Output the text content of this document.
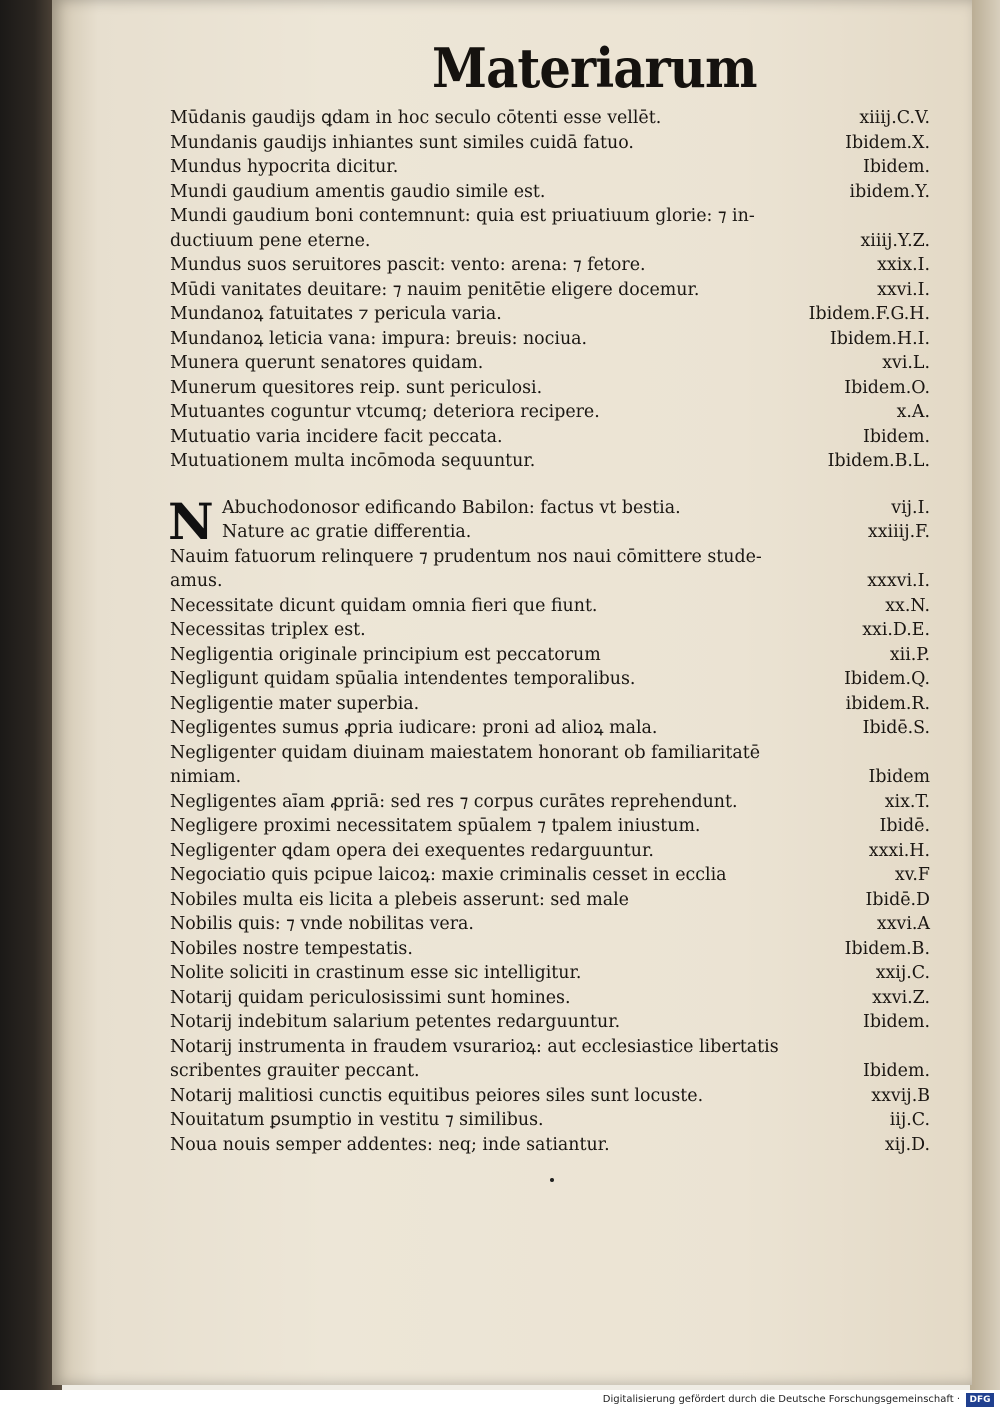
Materiarum
Mūdanis gaudijs ꝗdam in hoc seculo cōtenti esse vellēt.	xiiij.C.V.
Mundanis gaudijs inhiantes sunt similes cuidā fatuo.	Ibidem.X.
Mundus hypocrita dicitur.	Ibidem.
Mundi gaudium amentis gaudio simile est.	ibidem.Y.
Mundi gaudium boni contemnunt: quia est priuatiuum glorie: ⁊ in-
ductiuum pene eterne.	xiiij.Y.Z.
Mundus suos seruitores pascit: vento: arena: ⁊ fetore.	xxix.I.
Mūdi vanitates deuitare: ⁊ nauim penitētie eligere docemur.	xxvi.I.
Mundanoꝝ fatuitates ⁊ pericula varia.	Ibidem.F.G.H.
Mundanoꝝ leticia vana: impura: breuis: nociua.	Ibidem.H.I.
Munera querunt senatores quidam.	xvi.L.
Munerum quesitores reip. sunt periculosi.	Ibidem.O.
Mutuantes coguntur vtcumq; deteriora recipere.	x.A.
Mutuatio varia incidere facit peccata.	Ibidem.
Mutuationem multa incōmoda sequuntur.	Ibidem.B.L.
N Abuchodonosor edificando Babilon: factus vt bestia.	vij.I.
Nature ac gratie differentia.	xxiiij.F.
Nauim fatuorum relinquere ⁊ prudentum nos naui cōmittere stude-
amus.	xxxvi.I.
Necessitate dicunt quidam omnia fieri que fiunt.	xx.N.
Necessitas triplex est.	xxi.D.E.
Negligentia originale principium est peccatorum	xii.P.
Negligunt quidam spūalia intendentes temporalibus.	Ibidem.Q.
Negligentie mater superbia.	ibidem.R.
Negligentes sumus ꝓpria iudicare: proni ad alioꝝ mala.	Ibidē.S.
Negligenter quidam diuinam maiestatem honorant ob familiaritatē
nimiam.	Ibidem
Negligentes aīam ꝓpriā: sed res ⁊ corpus curātes reprehendunt.	xix.T.
Negligere proximi necessitatem spūalem ⁊ tpalem iniustum.	Ibidē.
Negligenter ꝗdam opera dei exequentes redarguuntur.	xxxi.H.
Negociatio quis pcipue laicoꝝ: maxie criminalis cesset in ecclia	xv.F
Nobiles multa eis licita a plebeis asserunt: sed male	Ibidē.D
Nobilis quis: ⁊ vnde nobilitas vera.	xxvi.A
Nobiles nostre tempestatis.	Ibidem.B.
Nolite soliciti in crastinum esse sic intelligitur.	xxij.C.
Notarij quidam periculosissimi sunt homines.	xxvi.Z.
Notarij indebitum salarium petentes redarguuntur.	Ibidem.
Notarij instrumenta in fraudem vsurarioꝝ: aut ecclesiastice libertatis
scribentes grauiter peccant.	Ibidem.
Notarij malitiosi cunctis equitibus peiores siles sunt locuste.	xxvij.B
Nouitatum ꝑsumptio in vestitu ⁊ similibus.	iij.C.
Noua nouis semper addentes: neq; inde satiantur.	xij.D.
Digitalisierung gefördert durch die Deutsche Forschungsgemeinschaft ·	DFG
